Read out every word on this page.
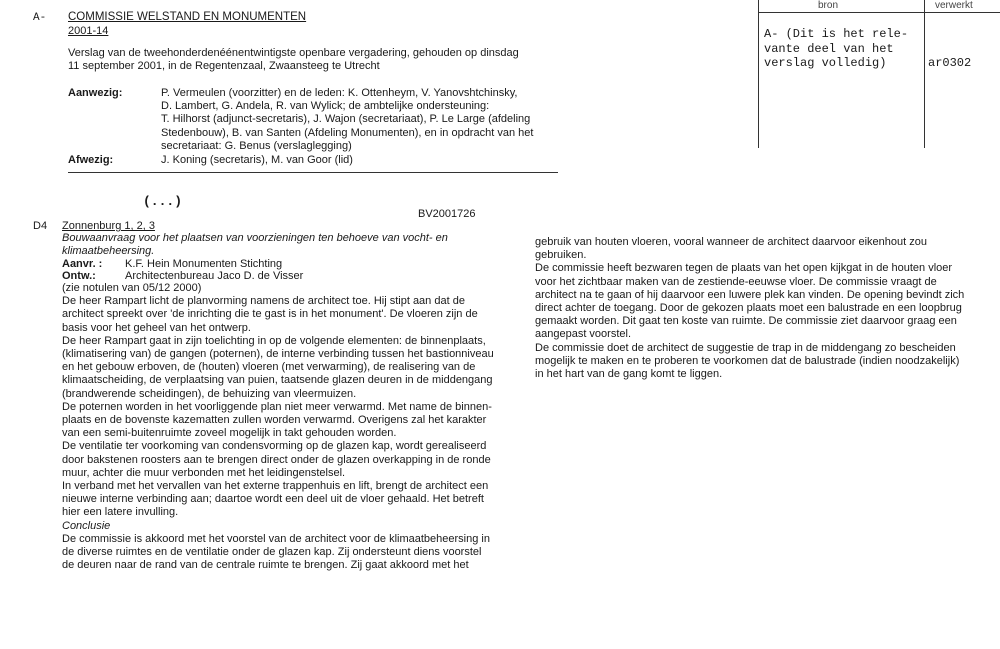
A- COMMISSIE WELSTAND EN MONUMENTEN
2001-14
Verslag van de tweehonderdenéénentwintigste openbare vergadering, gehouden op dinsdag
11 september 2001, in de Regentenzaal, Zwaansteeg te Utrecht
Aanwezig:	P. Vermeulen (voorzitter) en de leden: K. Ottenheym, V. Yanovshtchinsky,
D. Lambert, G. Andela, R. van Wylick; de ambtelijke ondersteuning:
T. Hilhorst (adjunct-secretaris), J. Wajon (secretariaat), P. Le Large (afdeling
Stedenbouw), B. van Santen (Afdeling Monumenten), en in opdracht van het
secretariaat: G. Benus (verslaglegging)
Afwezig:	J. Koning (secretaris), M. van Goor (lid)
bron	verwerkt
A- (Dit is het rele-
vante deel van het
verslag volledig)	ar0302
(...)
BV2001726
D4 Zonnenburg 1, 2, 3
Bouwaanvraag voor het plaatsen van voorzieningen ten behoeve van vocht- en
klimaatbeheersing.
Aanvr. : K.F. Hein Monumenten Stichting
Ontw.:	Architectenbureau Jaco D. de Visser
(zie notulen van 05/12 2000)
De heer Rampart licht de planvorming namens de architect toe. Hij stipt aan dat de
architect spreekt over 'de inrichting die te gast is in het monument'. De vloeren zijn de
basis voor het geheel van het ontwerp.
De heer Rampart gaat in zijn toelichting in op de volgende elementen: de binnenplaats,
(klimatisering van) de gangen (poternen), de interne verbinding tussen het bastionniveau
en het gebouw erboven, de (houten) vloeren (met verwarming), de realisering van de
klimaatscheiding, de verplaatsing van puien, taatsende glazen deuren in de middengang
(brandwerende scheidingen), de behuizing van vleermuizen.
De poternen worden in het voorliggende plan niet meer verwarmd. Met name de binnen-
plaats en de bovenste kazematten zullen worden verwarmd. Overigens zal het karakter
van een semi-buitenruimte zoveel mogelijk in takt gehouden worden.
De ventilatie ter voorkoming van condensvorming op de glazen kap, wordt gerealiseerd
door bakstenen roosters aan te brengen direct onder de glazen overkapping in de ronde
muur, achter die muur verbonden met het leidingenstelsel.
In verband met het vervallen van het externe trappenhuis en lift, brengt de architect een
nieuwe interne verbinding aan; daartoe wordt een deel uit de vloer gehaald. Het betreft
hier een latere invulling.
Conclusie
De commissie is akkoord met het voorstel van de architect voor de klimaatbeheersing in
de diverse ruimtes en de ventilatie onder de glazen kap. Zij ondersteunt diens voorstel
de deuren naar de rand van de centrale ruimte te brengen. Zij gaat akkoord met het
gebruik van houten vloeren, vooral wanneer de architect daarvoor eikenhout zou
gebruiken.
De commissie heeft bezwaren tegen de plaats van het open kijkgat in de houten vloer
voor het zichtbaar maken van de zestiende-eeuwse vloer. De commissie vraagt de
architect na te gaan of hij daarvoor een luwere plek kan vinden. De opening bevindt zich
direct achter de toegang. Door de gekozen plaats moet een balustrade en een loopbrug
gemaakt worden. Dit gaat ten koste van ruimte. De commissie ziet daarvoor graag een
aangepast voorstel.
De commissie doet de architect de suggestie de trap in de middengang zo bescheiden
mogelijk te maken en te proberen te voorkomen dat de balustrade (indien noodzakelijk)
in het hart van de gang komt te liggen.
